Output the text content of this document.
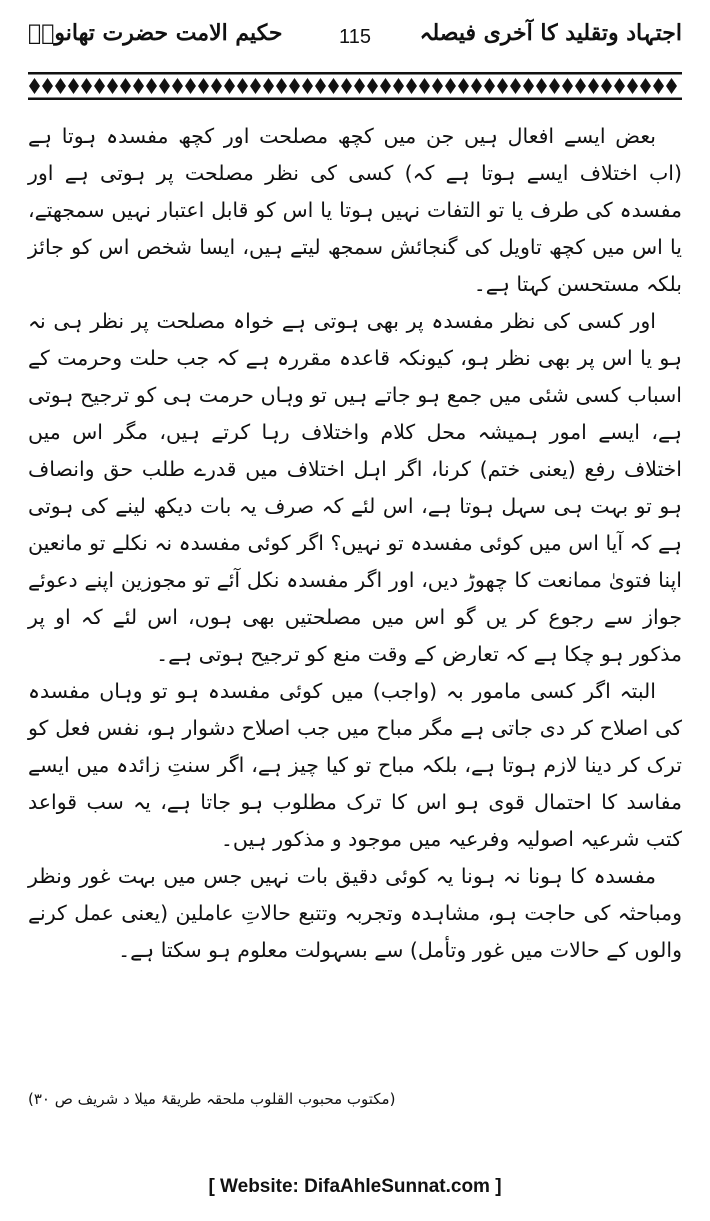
اجتہاد وتقلید کا آخری فیصلہ
115
حکیم الامت حضرت تھانویؒ

بعض ایسے افعال ہیں جن میں کچھ مصلحت اور کچھ مفسدہ ہوتا ہے (اب اختلاف ایسے ہوتا ہے کہ) کسی کی نظر مصلحت پر ہوتی ہے اور مفسدہ کی طرف یا تو التفات نہیں ہوتا یا اس کو قابل اعتبار نہیں سمجھتے، یا اس میں کچھ تاویل کی گنجائش سمجھ لیتے ہیں، ایسا شخص اس کو جائز بلکہ مستحسن کہتا ہے۔

اور کسی کی نظر مفسدہ پر بھی ہوتی ہے خواہ مصلحت پر نظر ہی نہ ہو یا اس پر بھی نظر ہو، کیونکہ قاعدہ مقررہ ہے کہ جب حلت وحرمت کے اسباب کسی شئی میں جمع ہو جاتے ہیں تو وہاں حرمت ہی کو ترجیح ہوتی ہے، ایسے امور ہمیشہ محل کلام واختلاف رہا کرتے ہیں، مگر اس میں اختلاف رفع (یعنی ختم) کرنا، اگر اہل اختلاف میں قدرے طلب حق وانصاف ہو تو بہت ہی سہل ہوتا ہے، اس لئے کہ صرف یہ بات دیکھ لینے کی ہوتی ہے کہ آیا اس میں کوئی مفسدہ تو نہیں؟ اگر کوئی مفسدہ نہ نکلے تو مانعین اپنا فتویٰ ممانعت کا چھوڑ دیں، اور اگر مفسدہ نکل آئے تو مجوزین اپنے دعوئے جواز سے رجوع کر یں گو اس میں مصلحتیں بھی ہوں، اس لئے کہ او پر مذکور ہو چکا ہے کہ تعارض کے وقت منع کو ترجیح ہوتی ہے۔

البتہ اگر کسی مامور بہ (واجب) میں کوئی مفسدہ ہو تو وہاں مفسدہ کی اصلاح کر دی جاتی ہے مگر مباح میں جب اصلاح دشوار ہو، نفس فعل کو ترک کر دینا لازم ہوتا ہے، بلکہ مباح تو کیا چیز ہے، اگر سنتِ زائدہ میں ایسے مفاسد کا احتمال قوی ہو اس کا ترک مطلوب ہو جاتا ہے، یہ سب قواعد کتب شرعیہ اصولیہ وفرعیہ میں موجود و مذکور ہیں۔

مفسدہ کا ہونا نہ ہونا یہ کوئی دقیق بات نہیں جس میں بہت غور ونظر ومباحثہ کی حاجت ہو، مشاہدہ وتجربہ وتتبع حالاتِ عاملین (یعنی عمل کرنے والوں کے حالات میں غور وتأمل) سے بسہولت معلوم ہو سکتا ہے۔

(مکتوب محبوب القلوب ملحقہ طریقۂ میلا د شریف ص ۳۰)
[ Website: DifaAhleSunnat.com ]
